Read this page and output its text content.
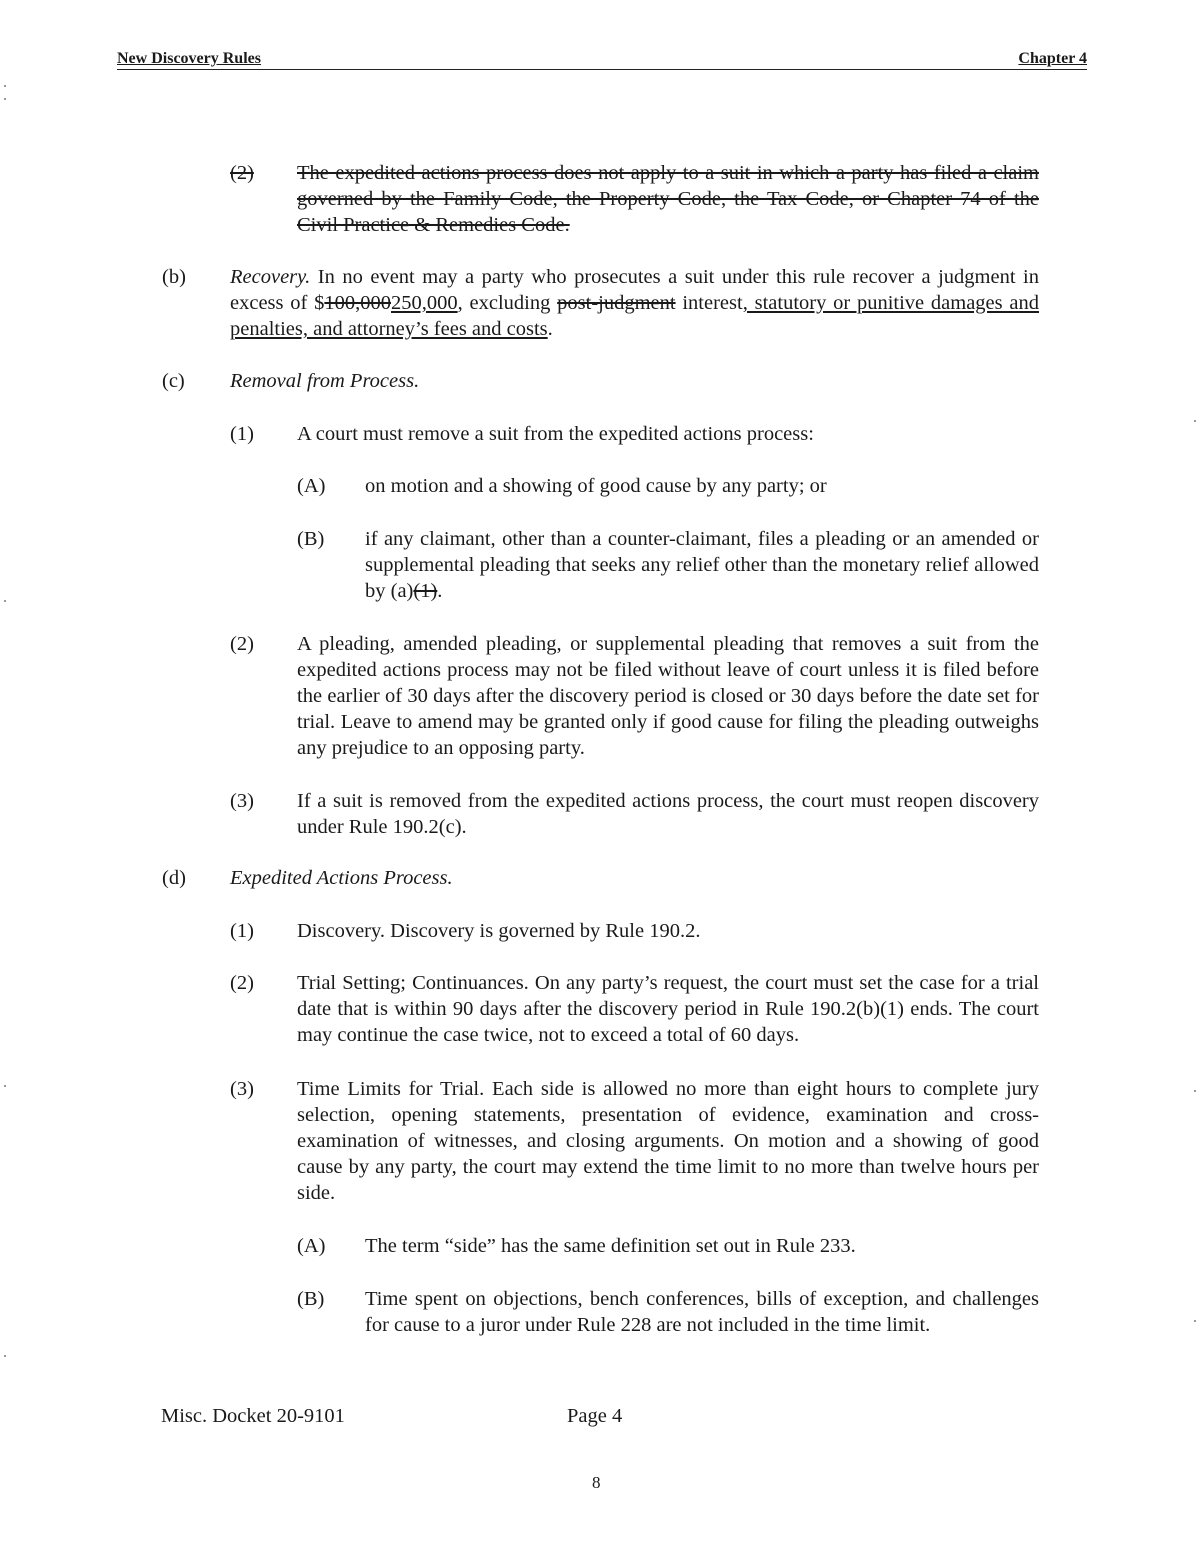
New Discovery Rules	Chapter 4
(2) The expedited actions process does not apply to a suit in which a party has filed a claim governed by the Family Code, the Property Code, the Tax Code, or Chapter 74 of the Civil Practice & Remedies Code.
(b) Recovery. In no event may a party who prosecutes a suit under this rule recover a judgment in excess of $100,000250,000, excluding post-judgment interest, statutory or punitive damages and penalties, and attorney’s fees and costs.
(c) Removal from Process.
(1) A court must remove a suit from the expedited actions process:
(A) on motion and a showing of good cause by any party; or
(B) if any claimant, other than a counter-claimant, files a pleading or an amended or supplemental pleading that seeks any relief other than the monetary relief allowed by (a)(1).
(2) A pleading, amended pleading, or supplemental pleading that removes a suit from the expedited actions process may not be filed without leave of court unless it is filed before the earlier of 30 days after the discovery period is closed or 30 days before the date set for trial. Leave to amend may be granted only if good cause for filing the pleading outweighs any prejudice to an opposing party.
(3) If a suit is removed from the expedited actions process, the court must reopen discovery under Rule 190.2(c).
(d) Expedited Actions Process.
(1) Discovery. Discovery is governed by Rule 190.2.
(2) Trial Setting; Continuances. On any party’s request, the court must set the case for a trial date that is within 90 days after the discovery period in Rule 190.2(b)(1) ends. The court may continue the case twice, not to exceed a total of 60 days.
(3) Time Limits for Trial. Each side is allowed no more than eight hours to complete jury selection, opening statements, presentation of evidence, examination and cross-examination of witnesses, and closing arguments. On motion and a showing of good cause by any party, the court may extend the time limit to no more than twelve hours per side.
(A) The term “side” has the same definition set out in Rule 233.
(B) Time spent on objections, bench conferences, bills of exception, and challenges for cause to a juror under Rule 228 are not included in the time limit.
Misc. Docket 20-9101	Page 4
8
